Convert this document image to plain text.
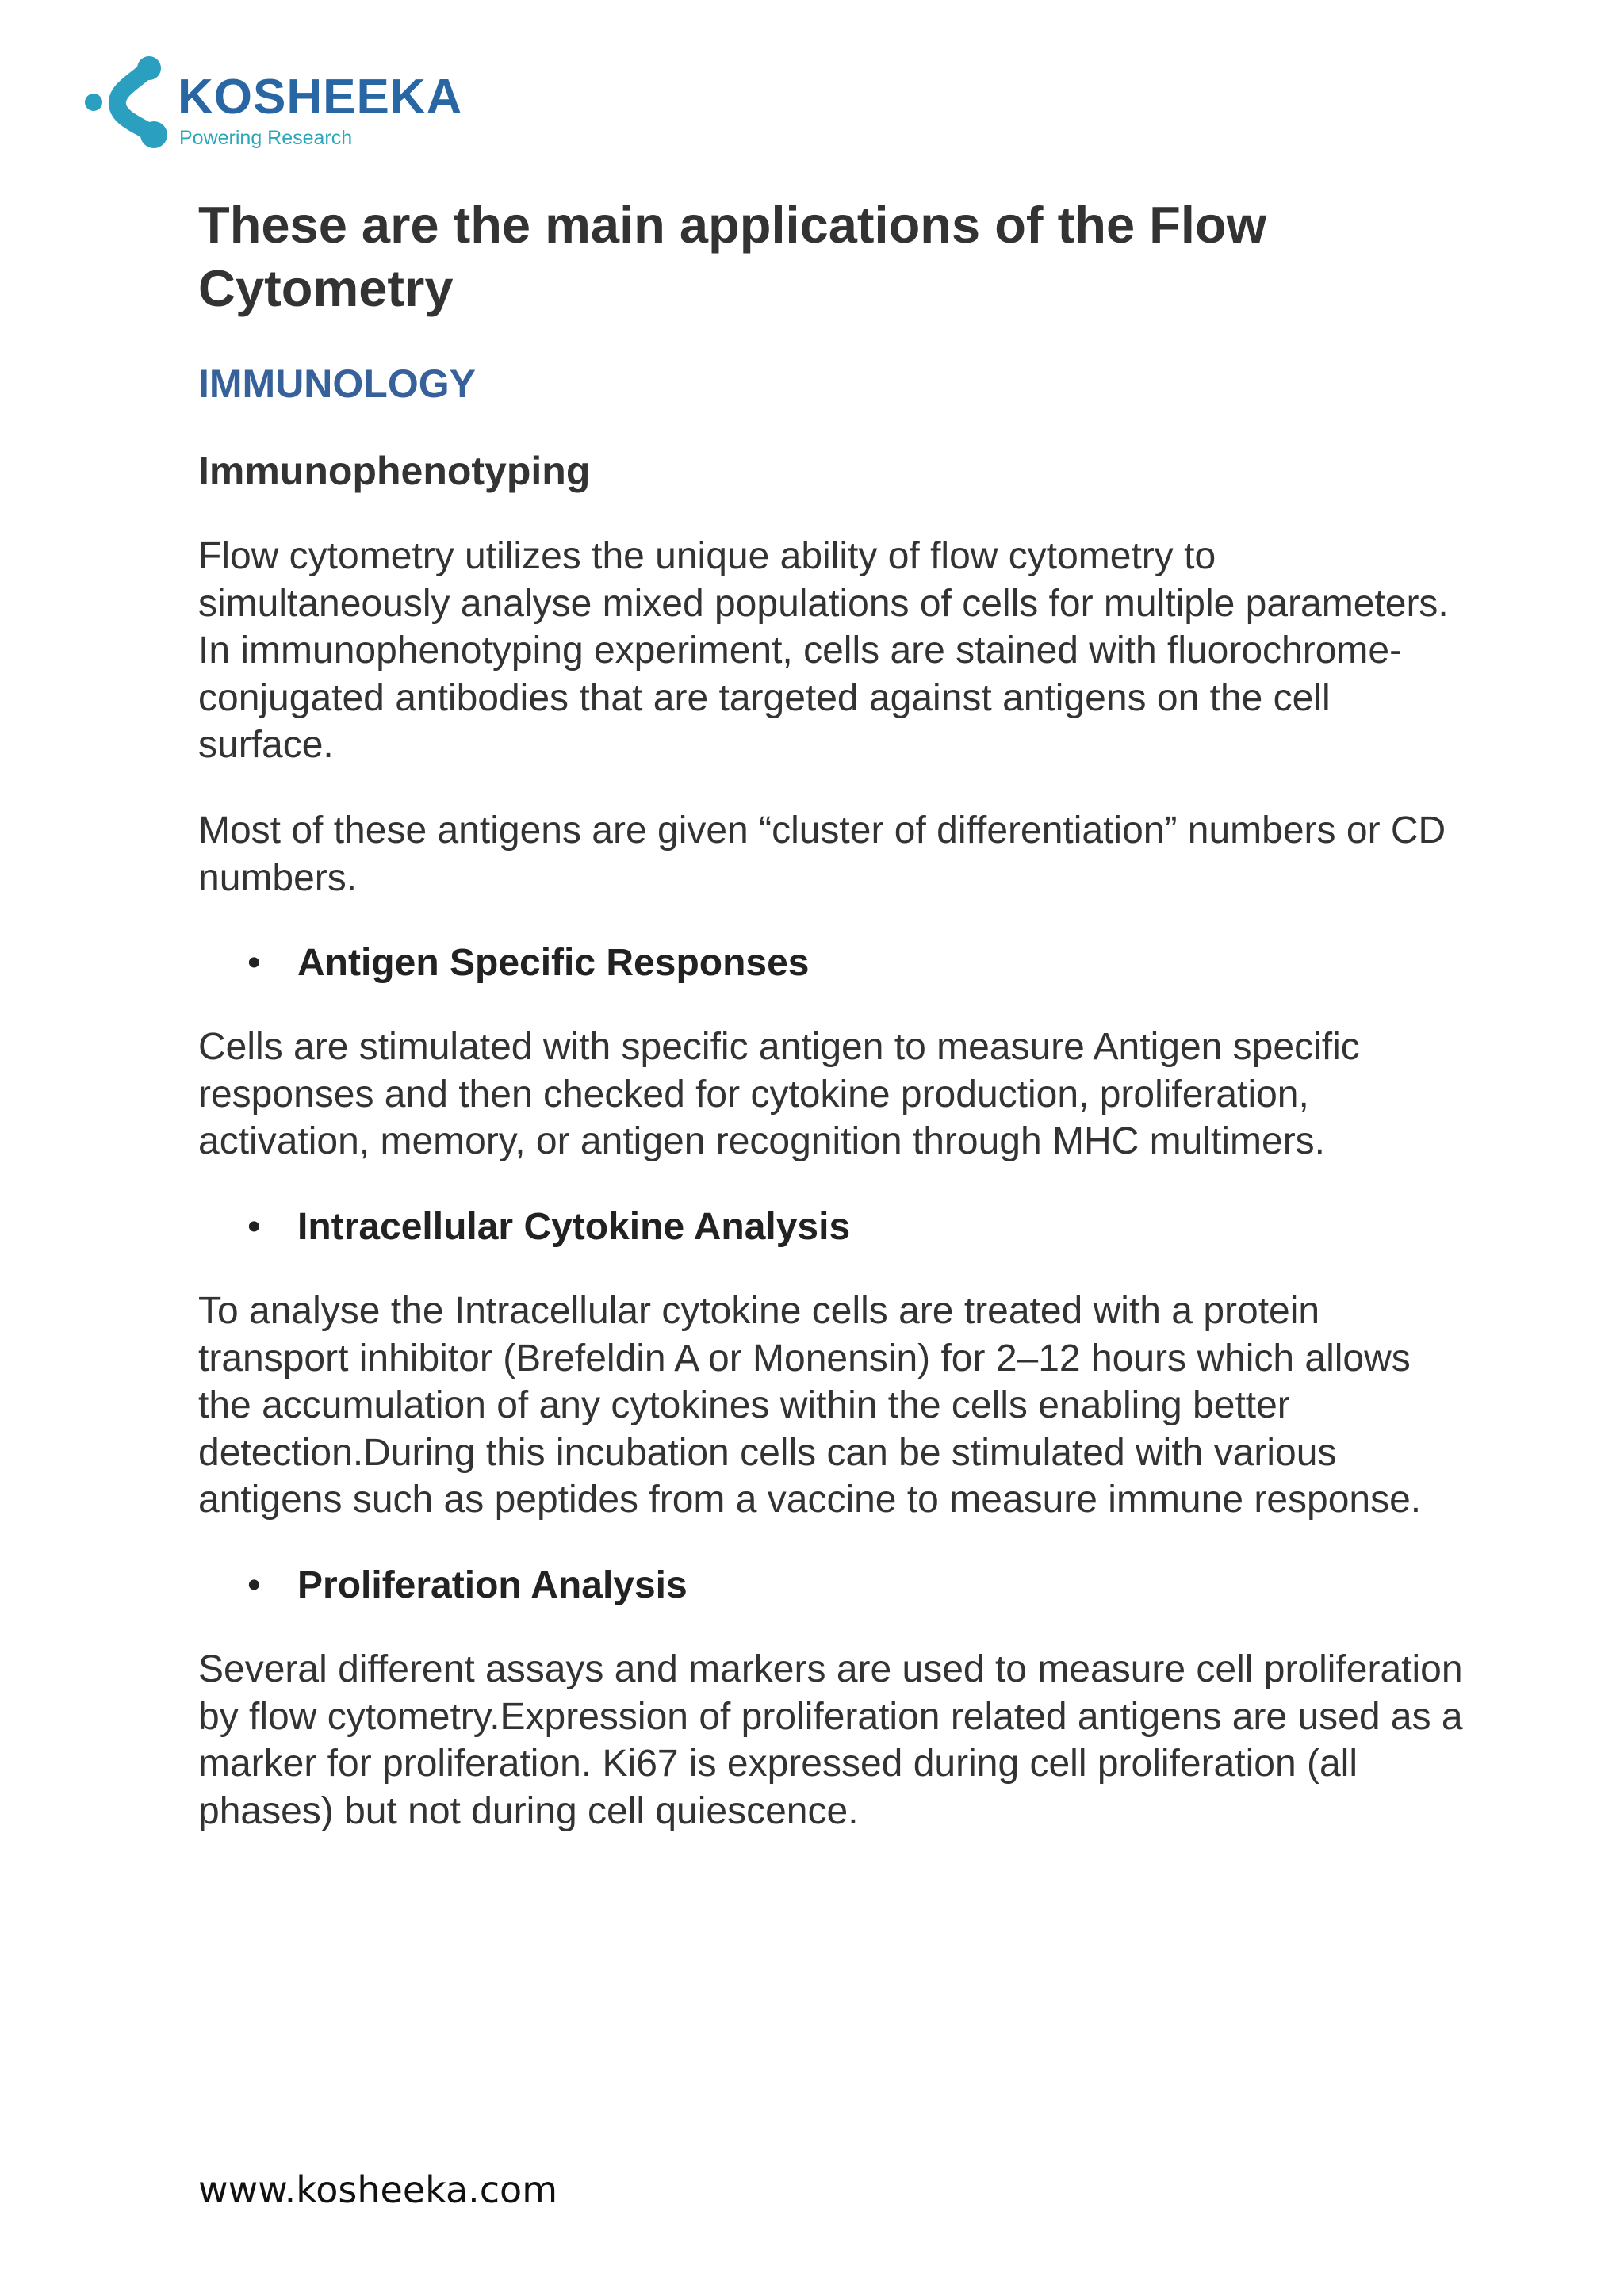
KOSHEEKA
Powering Research
These are the main applications of the Flow Cytometry
IMMUNOLOGY
Immunophenotyping

Flow cytometry utilizes the unique ability of flow cytometry to simultaneously analyse mixed populations of cells for multiple parameters. In immunophenotyping experiment, cells are stained with fluorochrome-conjugated antibodies that are targeted against antigens on the cell surface.

Most of these antigens are given “cluster of differentiation” numbers or CD numbers.

• Antigen Specific Responses

Cells are stimulated with specific antigen to measure Antigen specific responses and then checked for cytokine production, proliferation, activation, memory, or antigen recognition through MHC multimers.

• Intracellular Cytokine Analysis

To analyse the Intracellular cytokine cells are treated with a protein transport inhibitor (Brefeldin A or Monensin) for 2–12 hours which allows the accumulation of any cytokines within the cells enabling better detection.During this incubation cells can be stimulated with various antigens such as peptides from a vaccine to measure immune response.

• Proliferation Analysis

Several different assays and markers are used to measure cell proliferation by flow cytometry.Expression of proliferation related antigens are used as a marker for proliferation. Ki67 is expressed during cell proliferation (all phases) but not during cell quiescence.

www.kosheeka.com
